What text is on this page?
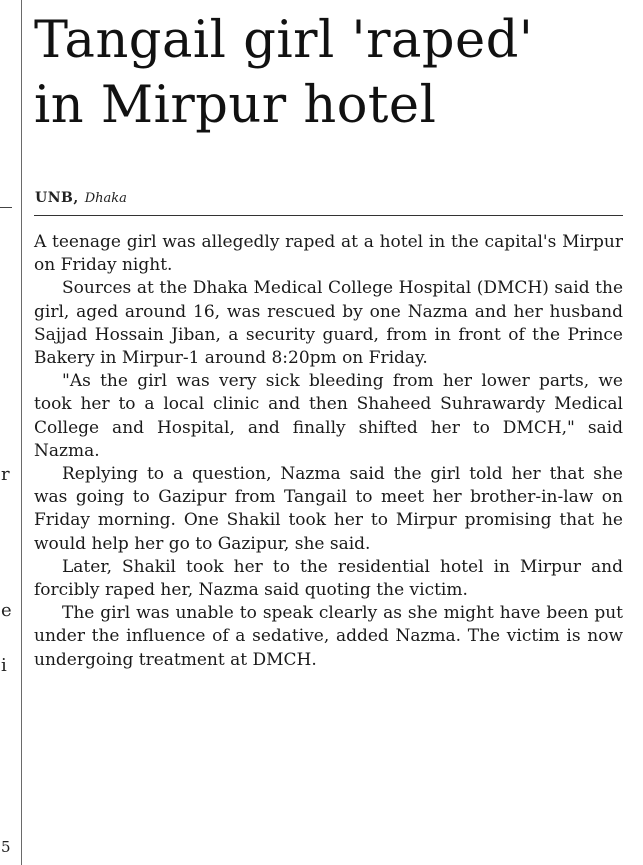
r
e
i
5
Tangail girl 'raped'
in Mirpur hotel
UNB, Dhaka

A teenage girl was allegedly raped at a hotel in the capital's Mirpur on Friday night.

Sources at the Dhaka Medical College Hospital (DMCH) said the girl, aged around 16, was rescued by one Nazma and her husband Sajjad Hossain Jiban, a security guard, from in front of the Prince Bakery in Mirpur-1 around 8:20pm on Friday.

"As the girl was very sick bleeding from her lower parts, we took her to a local clinic and then Shaheed Suhrawardy Medical College and Hospital, and finally shifted her to DMCH," said Nazma.

Replying to a question, Nazma said the girl told her that she was going to Gazipur from Tangail to meet her brother-in-law on Friday morning. One Shakil took her to Mirpur promising that he would help her go to Gazipur, she said.

Later, Shakil took her to the residential hotel in Mirpur and forcibly raped her, Nazma said quoting the victim.

The girl was unable to speak clearly as she might have been put under the influence of a sedative, added Nazma. The victim is now undergoing treatment at DMCH.
